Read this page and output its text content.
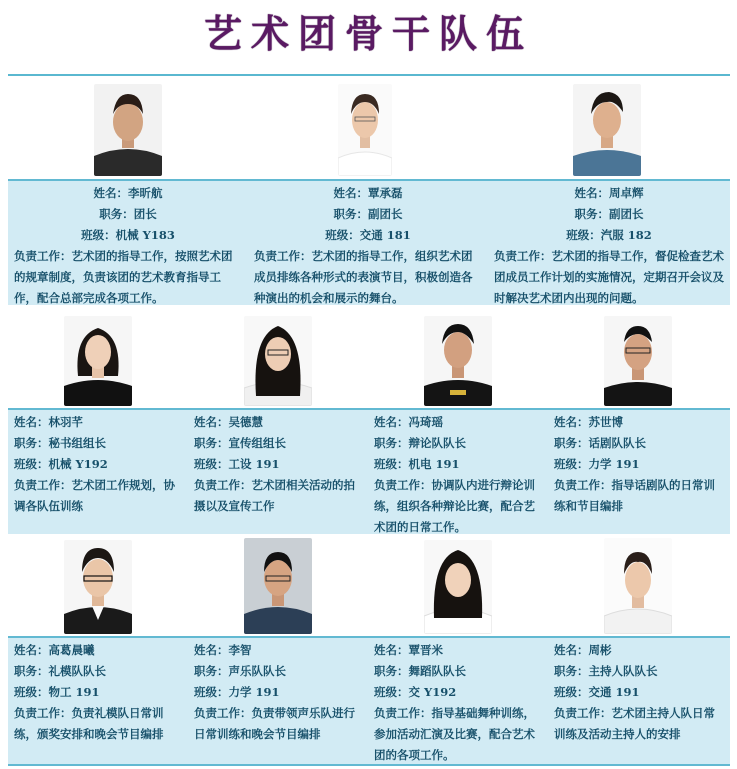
艺术团骨干队伍
姓名：李昕航
职务：团长
班级：机械 Y183
负责工作：艺术团的指导工作，按照艺术团的规章制度，负责该团的艺术教育指导工作，配合总部完成各项工作。
姓名：覃承磊
职务：副团长
班级：交通 181
负责工作：艺术团的指导工作，组织艺术团成员排练各种形式的表演节目，积极创造各种演出的机会和展示的舞台。
姓名：周卓辉
职务：副团长
班级：汽服 182
负责工作：艺术团的指导工作，督促检查艺术团成员工作计划的实施情况，定期召开会议及时解决艺术团内出现的问题。
姓名：林羽芊
职务：秘书组组长
班级：机械 Y192
负责工作：艺术团工作规划，协调各队伍训练
姓名：吴德慧
职务：宣传组组长
班级：工设 191
负责工作：艺术团相关活动的拍摄以及宣传工作
姓名：冯琦瑶
职务：辩论队队长
班级：机电 191
负责工作：协调队内进行辩论训练，组织各种辩论比赛，配合艺术团的日常工作。
姓名：苏世博
职务：话剧队队长
班级：力学 191
负责工作：指导话剧队的日常训练和节目编排
姓名：高葛晨曦
职务：礼模队队长
班级：物工 191
负责工作：负责礼模队日常训练，颁奖安排和晚会节目编排
姓名：李智
职务：声乐队队长
班级：力学 191
负责工作：负责带领声乐队进行日常训练和晚会节目编排
姓名：覃晋米
职务：舞蹈队队长
班级：交 Y192
负责工作：指导基础舞种训练，参加活动汇演及比赛，配合艺术团的各项工作。
姓名：周彬
职务：主持人队队长
班级：交通 191
负责工作：艺术团主持人队日常训练及活动主持人的安排
